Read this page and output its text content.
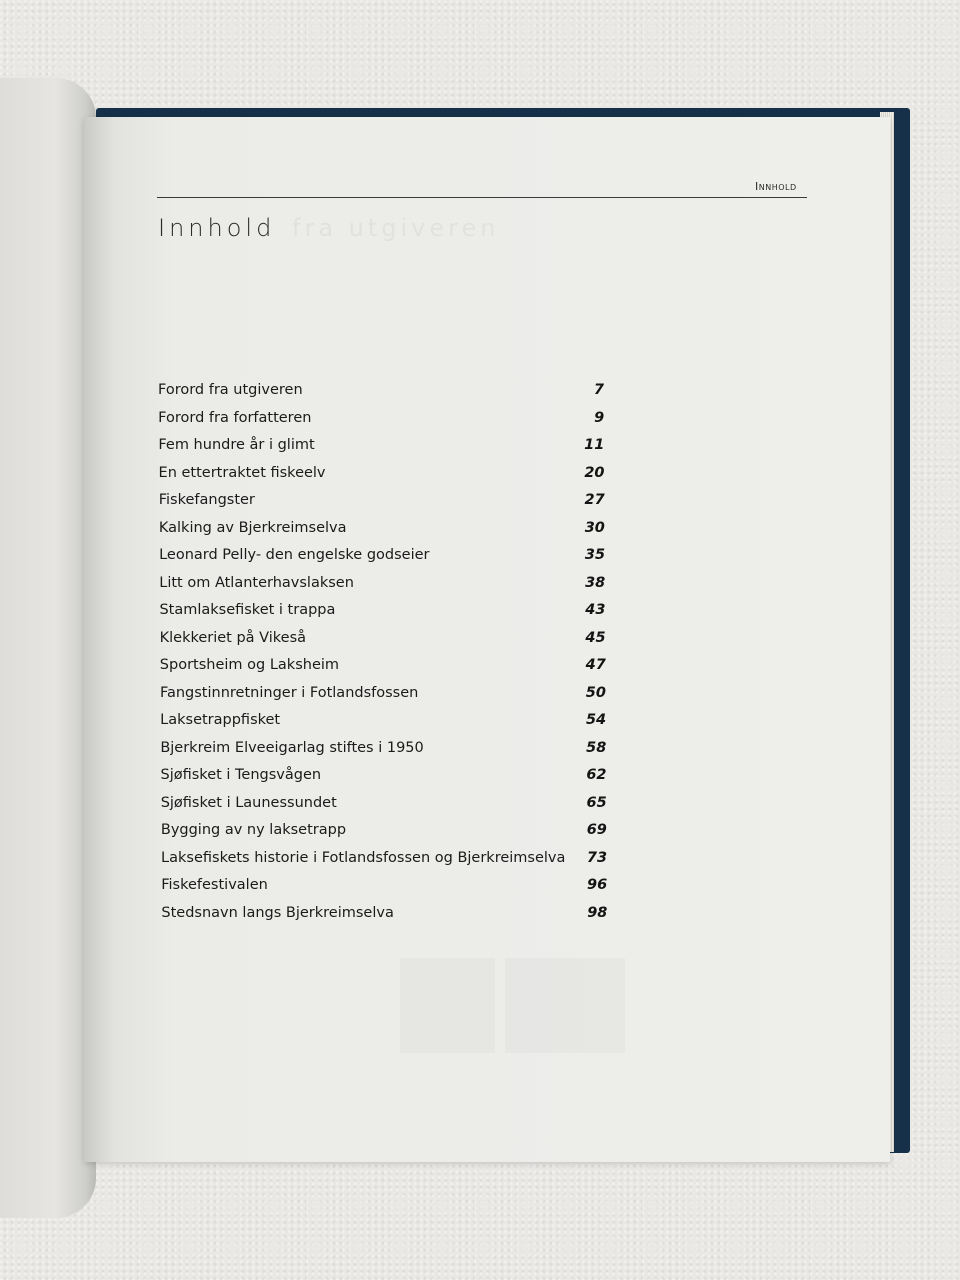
Innhold
Innhold
Forord fra utgiveren	7
Forord fra forfatteren	9
Fem hundre år i glimt	11
En ettertraktet fiskeelv	20
Fiskefangster	27
Kalking av Bjerkreimselva	30
Leonard Pelly- den engelske godseier	35
Litt om Atlanterhavslaksen	38
Stamlaksefisket i trappa	43
Klekkeriet på Vikeså	45
Sportsheim og Laksheim	47
Fangstinnretninger i Fotlandsfossen	50
Laksetrappfisket	54
Bjerkreim Elveeigarlag stiftes i 1950	58
Sjøfisket i Tengsvågen	62
Sjøfisket i Launessundet	65
Bygging av ny laksetrapp	69
Laksefiskets historie i Fotlandsfossen og Bjerkreimselva 73
Fiskefestivalen	96
Stedsnavn langs Bjerkreimselva	98
